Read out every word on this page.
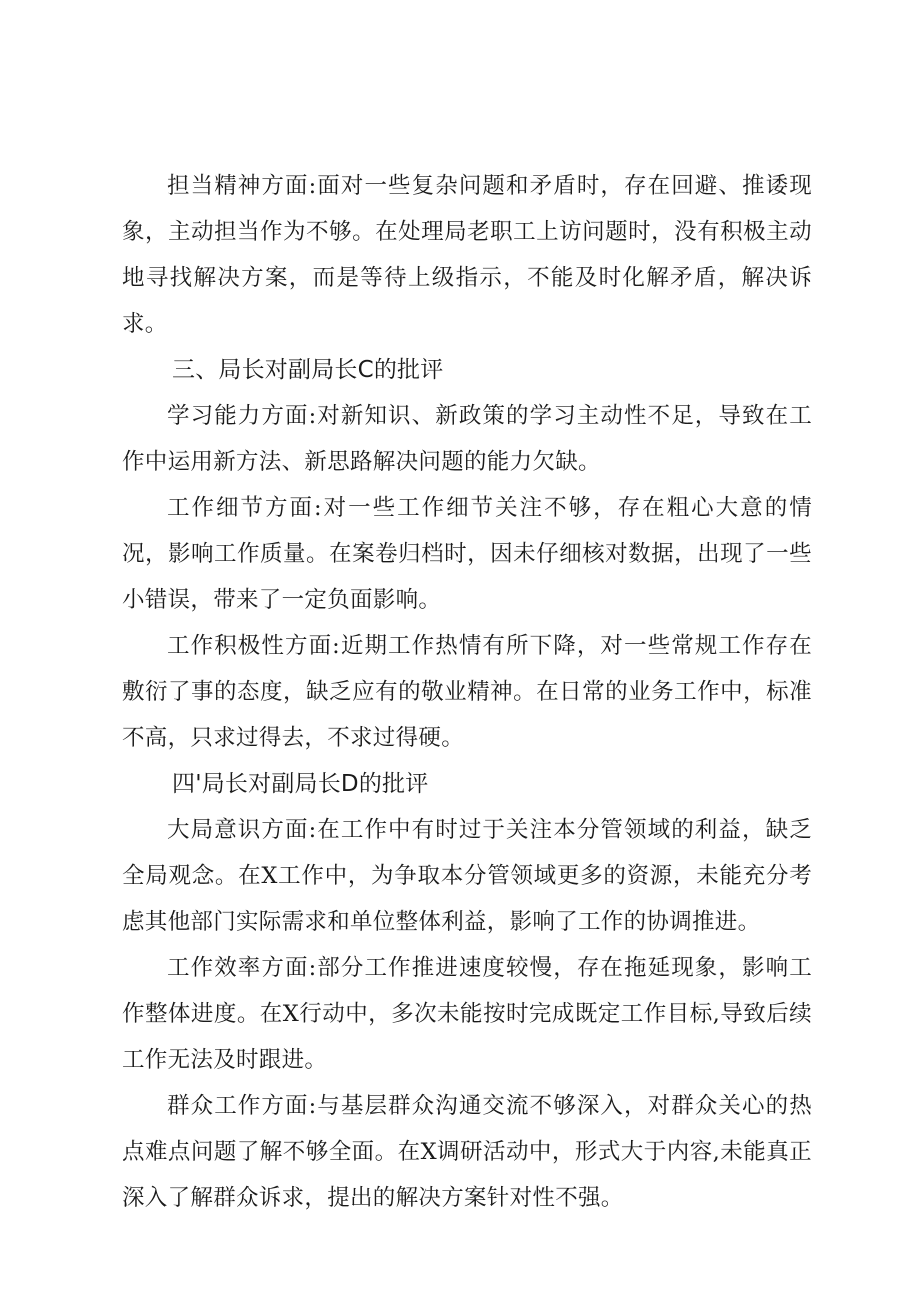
担当精神方面:面对一些复杂问题和矛盾时，存在回避、推诿现象，主动担当作为不够。在处理局老职工上访问题时，没有积极主动地寻找解决方案，而是等待上级指示，不能及时化解矛盾，解决诉求。

三、局长对副局长C的批评

学习能力方面:对新知识、新政策的学习主动性不足，导致在工作中运用新方法、新思路解决问题的能力欠缺。

工作细节方面:对一些工作细节关注不够，存在粗心大意的情况，影响工作质量。在案卷归档时，因未仔细核对数据，出现了一些小错误，带来了一定负面影响。

工作积极性方面:近期工作热情有所下降，对一些常规工作存在敷衍了事的态度，缺乏应有的敬业精神。在日常的业务工作中，标准不高，只求过得去，不求过得硬。

四'局长对副局长D的批评

大局意识方面:在工作中有时过于关注本分管领域的利益，缺乏全局观念。在X工作中，为争取本分管领域更多的资源，未能充分考虑其他部门实际需求和单位整体利益，影响了工作的协调推进。

工作效率方面:部分工作推进速度较慢，存在拖延现象，影响工作整体进度。在X行动中，多次未能按时完成既定工作目标,导致后续工作无法及时跟进。

群众工作方面:与基层群众沟通交流不够深入，对群众关心的热点难点问题了解不够全面。在X调研活动中，形式大于内容,未能真正深入了解群众诉求，提出的解决方案针对性不强。
